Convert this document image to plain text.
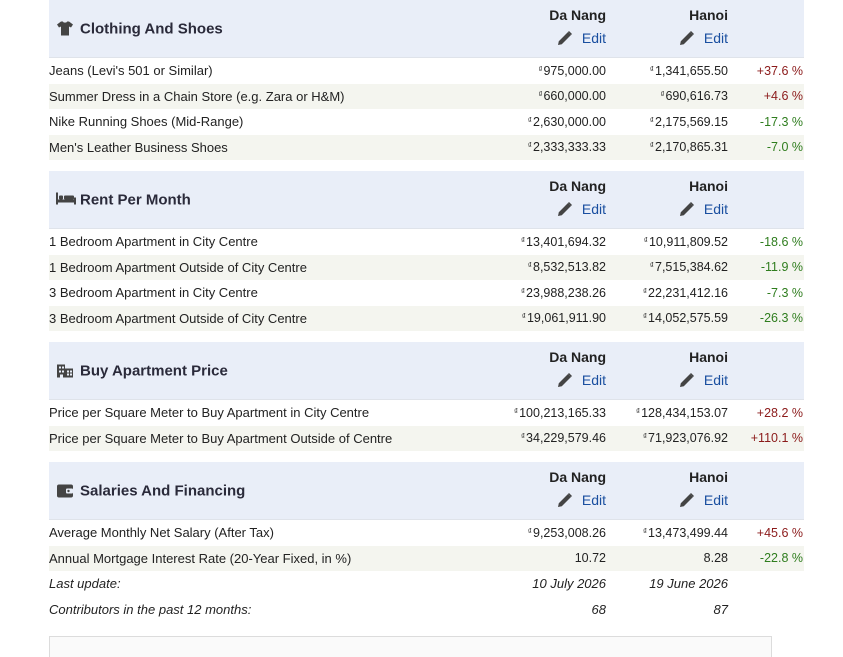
Clothing And Shoes
Da Nang
Edit
Hanoi
Edit
Jeans (Levi's 501 or Similar)	₫975,000.00	₫1,341,655.50 +37.6 %
Summer Dress in a Chain Store (e.g. Zara or H&M)	₫660,000.00	₫690,616.73	+4.6 %
Nike Running Shoes (Mid-Range)	₫2,630,000.00	₫2,175,569.15	-17.3 %
Men's Leather Business Shoes	₫2,333,333.33	₫2,170,865.31	-7.0 %
Rent Per Month
Da Nang
Edit
Hanoi
Edit
1 Bedroom Apartment in City Centre	₫13,401,694.32	₫10,911,809.52	-18.6 %
1 Bedroom Apartment Outside of City Centre	₫8,532,513.82	₫7,515,384.62	-11.9 %
3 Bedroom Apartment in City Centre	₫23,988,238.26	₫22,231,412.16	-7.3 %
3 Bedroom Apartment Outside of City Centre	₫19,061,911.90	₫14,052,575.59	-26.3 %
Buy Apartment Price
Da Nang
Edit
Hanoi
Edit
Price per Square Meter to Buy Apartment in City Centre	₫100,213,165.33	₫128,434,153.07 +28.2 %
Price per Square Meter to Buy Apartment Outside of Centre	₫34,229,579.46	₫71,923,076.92 +110.1 %
Salaries And Financing
Da Nang
Edit
Hanoi
Edit
Average Monthly Net Salary (After Tax)	₫9,253,008.26	₫13,473,499.44 +45.6 %
Annual Mortgage Interest Rate (20-Year Fixed, in %)	10.72	8.28	-22.8 %
Last update:	10 July 2026	19 June 2026
Contributors in the past 12 months:	68	87
